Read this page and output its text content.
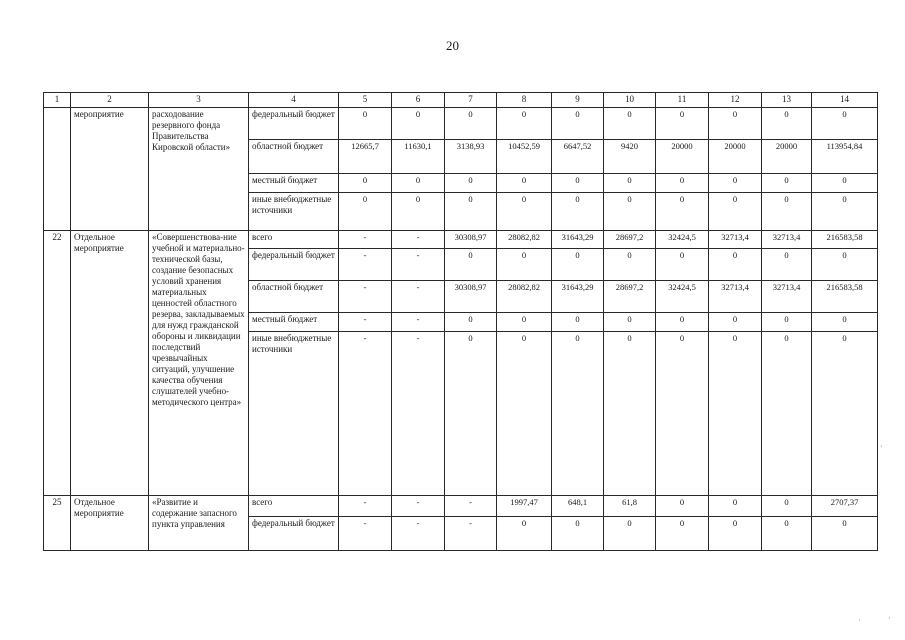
20
1	2	3	4	5	6	7	8	9	10	11	12	13	14
	мероприятие	расходование резервного фонда Правительства Кировской области»	федеральный бюджет	0	0	0	0	0	0	0	0	0	0
			областной бюджет	12665,7	11630,1	3138,93	10452,59	6647,52	9420	20000	20000	20000	113954,84
			местный бюджет	0	0	0	0	0	0	0	0	0	0
			иные внебюджетные источники	0	0	0	0	0	0	0	0	0	0
22	Отдельное мероприятие	«Совершенствова-ние учебной и материально-технической базы, создание безопасных условий хранения материальных ценностей областного резерва, закладываемых для нужд гражданской обороны и ликвидации последствий чрезвычайных ситуаций, улучшение качества обучения слушателей учебно-методического центра»	всего	-	-	30308,97	28082,82	31643,29	28697,2	32424,5	32713,4	32713,4	216583,58
			федеральный бюджет	-	-	0	0	0	0	0	0	0	0
			областной бюджет	-	-	30308,97	28082,82	31643,29	28697,2	32424,5	32713,4	32713,4	216583,58
			местный бюджет	-	-	0	0	0	0	0	0	0	0
			иные внебюджетные источники	-	-	0	0	0	0	0	0	0	0
25	Отдельное мероприятие	«Развитие и содержание запасного пункта управления	всего	-	-	-	1997,47	648,1	61,8	0	0	0	2707,37
			федеральный бюджет	-	-	-	0	0	0	0	0	0	0
·
·	·
